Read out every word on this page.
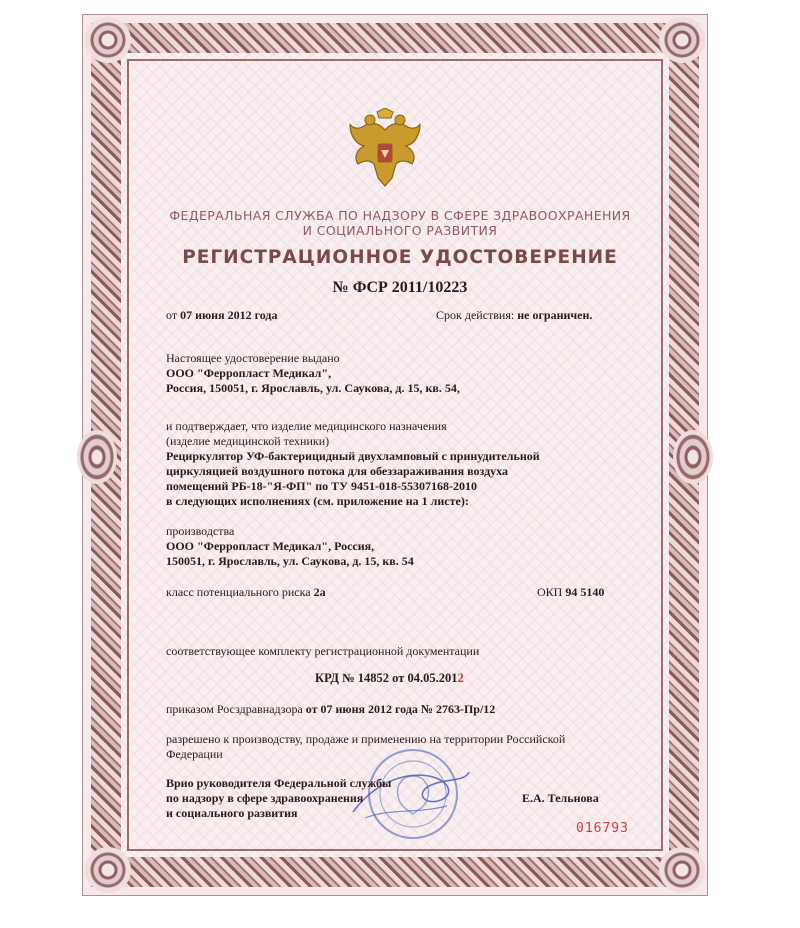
ФЕДЕРАЛЬНАЯ СЛУЖБА ПО НАДЗОРУ В СФЕРЕ ЗДРАВООХРАНЕНИЯ
И СОЦИАЛЬНОГО РАЗВИТИЯ
РЕГИСТРАЦИОННОЕ УДОСТОВЕРЕНИЕ
№ ФСР 2011/10223
от 07 июня 2012 года	Срок действия: не ограничен.
Настоящее удостоверение выдано
ООО "Ферропласт Медикал",
Россия, 150051, г. Ярославль, ул. Саукова, д. 15, кв. 54,
и подтверждает, что изделие медицинского назначения
(изделие медицинской техники)
Рециркулятор УФ-бактерицидный двухламповый с принудительной
циркуляцией воздушного потока для обеззараживания воздуха
помещений РБ-18-"Я-ФП" по ТУ 9451-018-55307168-2010
в следующих исполнениях (см. приложение на 1 листе):
производства
ООО "Ферропласт Медикал", Россия,
150051, г. Ярославль, ул. Саукова, д. 15, кв. 54
класс потенциального риска 2а	ОКП 94 5140
соответствующее комплекту регистрационной документации
КРД № 14852 от 04.05.2012
приказом Росздравнадзора от 07 июня 2012 года № 2763-Пр/12
разрешено к производству, продаже и применению на территории Российской
Федерации
Врио руководителя Федеральной службы
по надзору в сфере здравоохранения
и социального развития
Е.А. Тельнова
016793
